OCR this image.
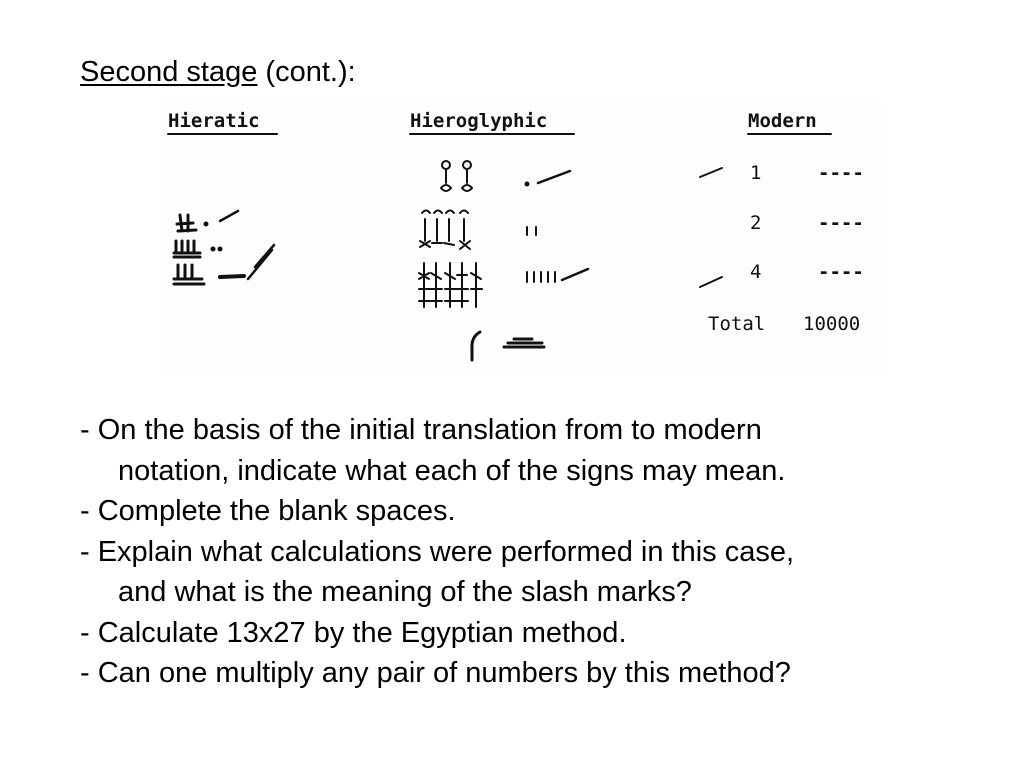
Second stage (cont.):
Hieratic	Hieroglyphic	Modern
1	----
2	----
4	----
Total 10000
- On the basis of the initial translation from to modern
notation, indicate what each of the signs may mean.
- Complete the blank spaces.
- Explain what calculations were performed in this case,
and what is the meaning of the slash marks?
- Calculate 13x27 by the Egyptian method.
- Can one multiply any pair of numbers by this method?
